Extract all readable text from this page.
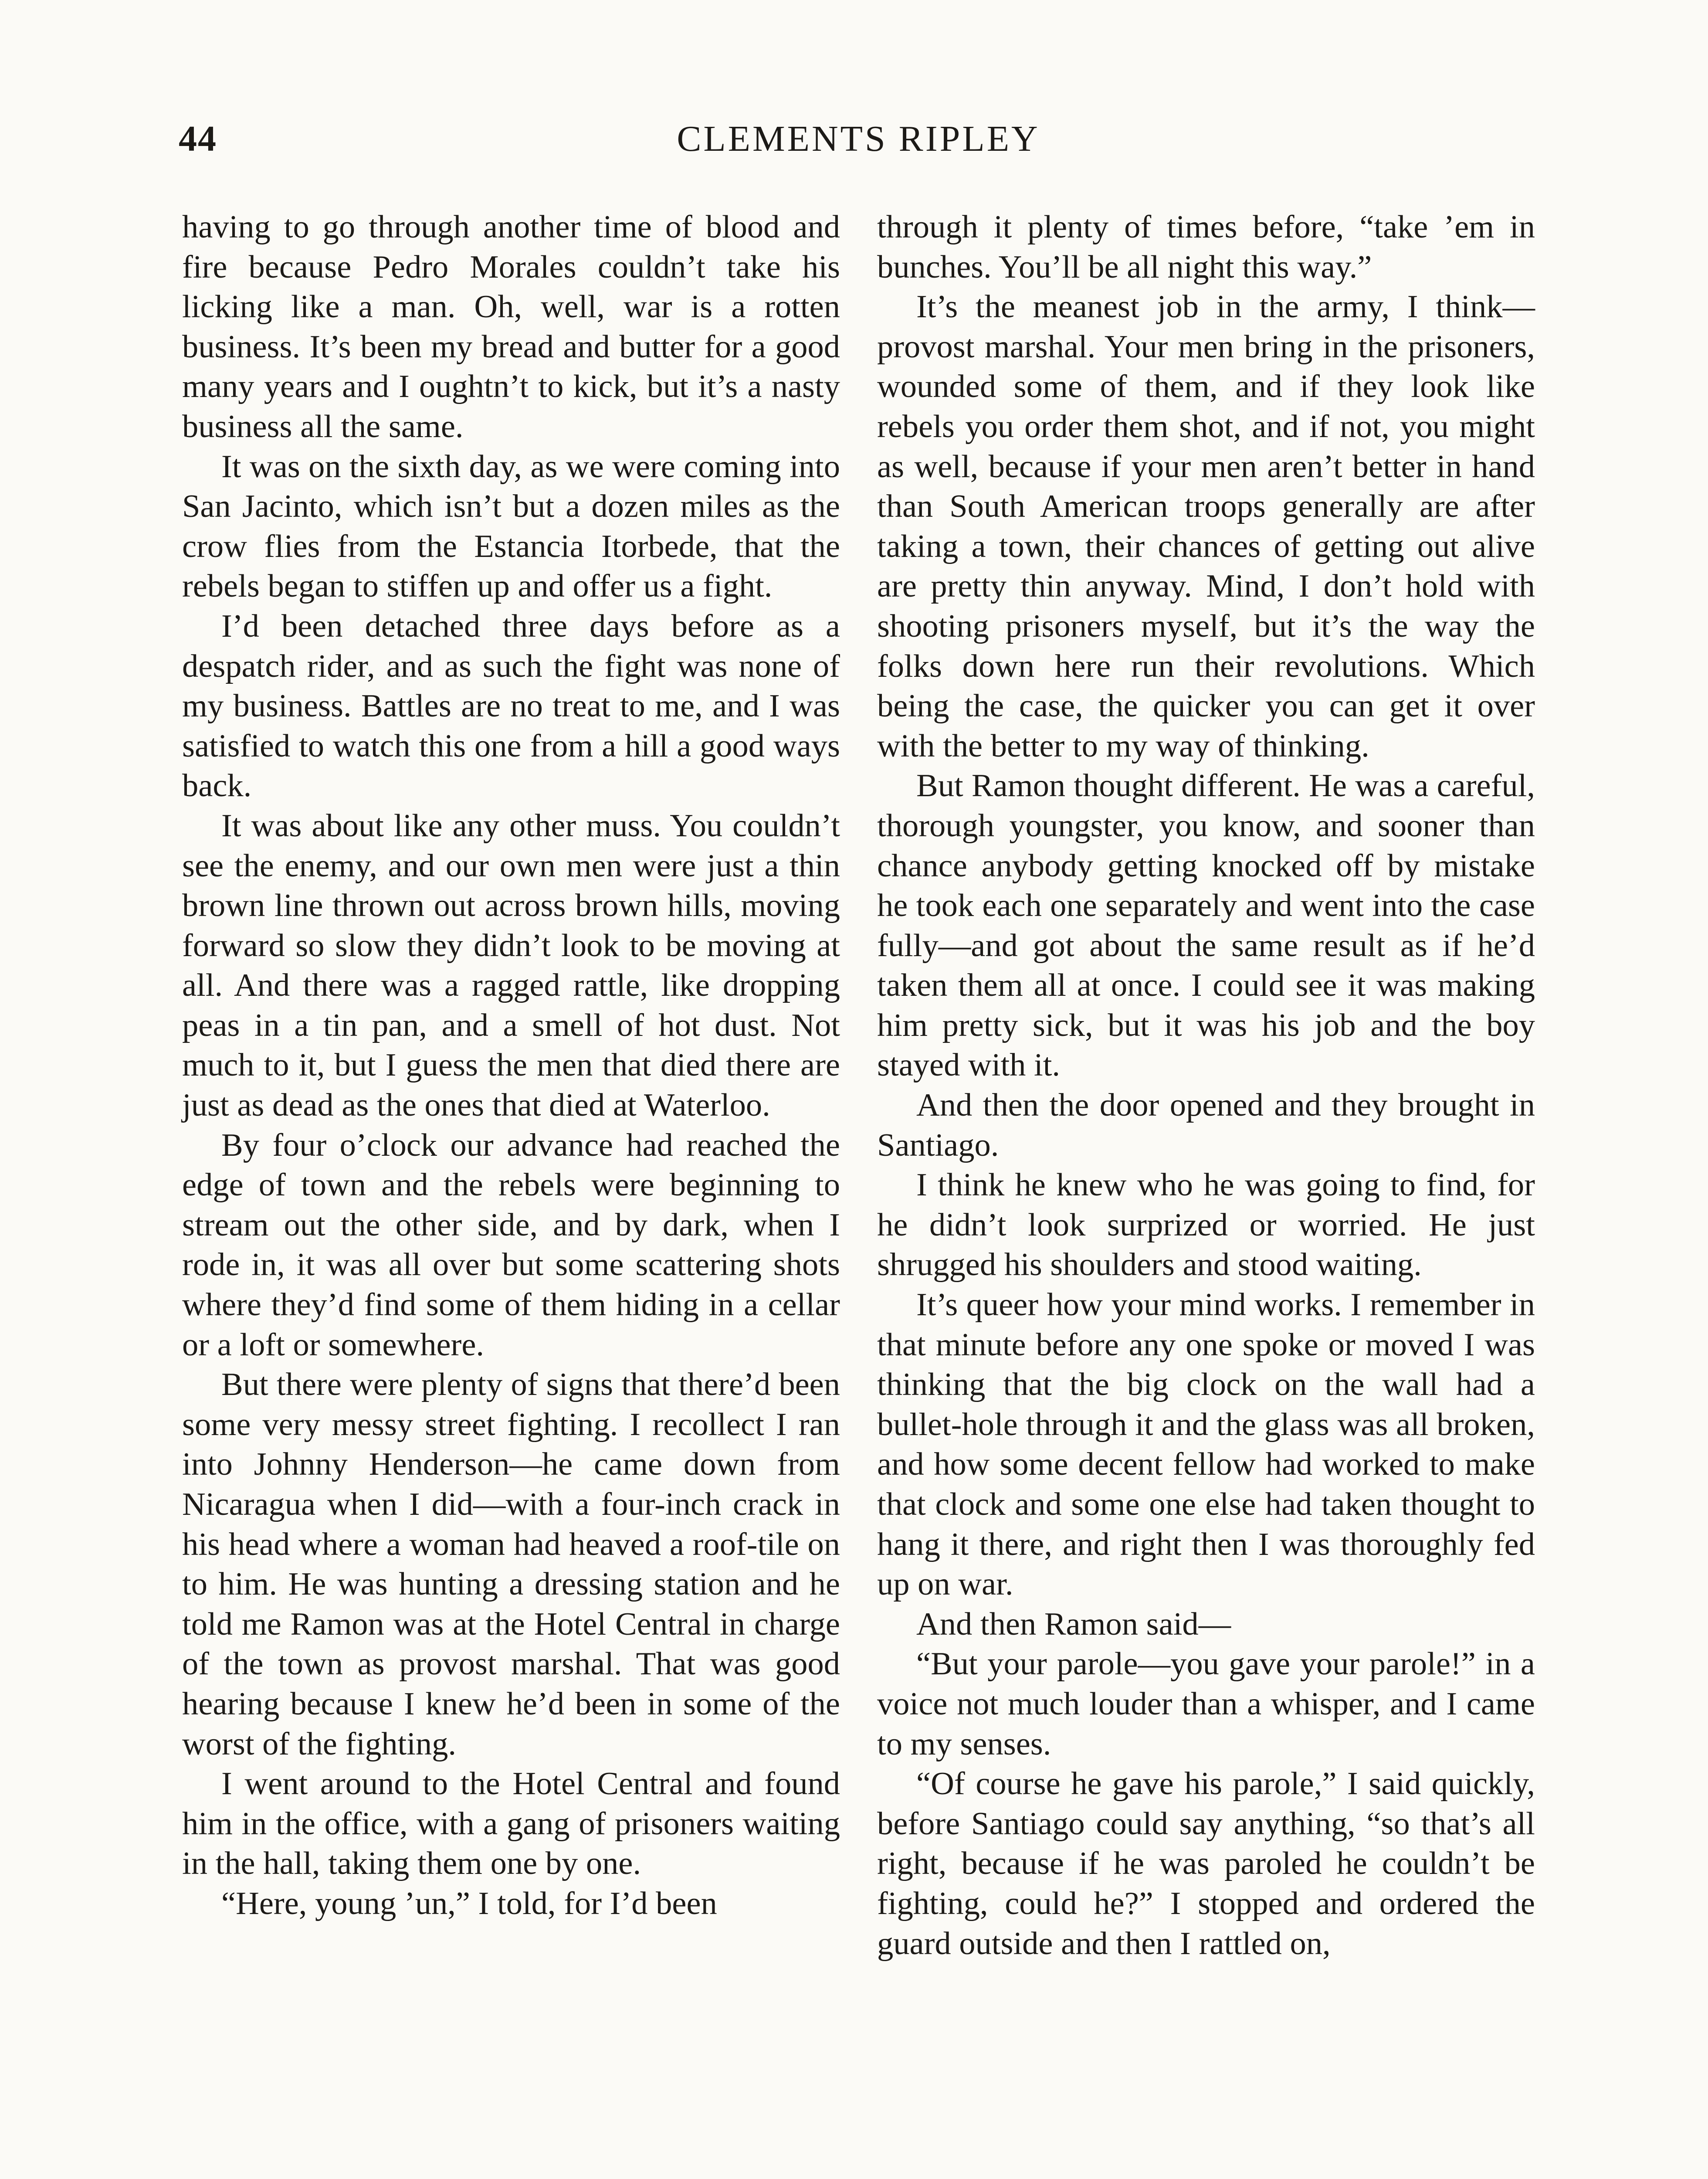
44	CLEMENTS RIPLEY

having to go through another time of blood and fire because Pedro Morales couldn’t take his licking like a man. Oh, well, war is a rotten business. It’s been my bread and butter for a good many years and I oughtn’t to kick, but it’s a nasty business all the same.

It was on the sixth day, as we were coming into San Jacinto, which isn’t but a dozen miles as the crow flies from the Estancia Itorbede, that the rebels began to stiffen up and offer us a fight.

I’d been detached three days before as a despatch rider, and as such the fight was none of my business. Battles are no treat to me, and I was satisfied to watch this one from a hill a good ways back.

It was about like any other muss. You couldn’t see the enemy, and our own men were just a thin brown line thrown out across brown hills, moving forward so slow they didn’t look to be moving at all. And there was a ragged rattle, like dropping peas in a tin pan, and a smell of hot dust. Not much to it, but I guess the men that died there are just as dead as the ones that died at Waterloo.

By four o’clock our advance had reached the edge of town and the rebels were beginning to stream out the other side, and by dark, when I rode in, it was all over but some scattering shots where they’d find some of them hiding in a cellar or a loft or somewhere.

But there were plenty of signs that there’d been some very messy street fighting. I recollect I ran into Johnny Henderson—he came down from Nicaragua when I did—with a four-inch crack in his head where a woman had heaved a roof-tile on to him. He was hunting a dressing station and he told me Ramon was at the Hotel Central in charge of the town as provost marshal. That was good hearing because I knew he’d been in some of the worst of the fighting.

I went around to the Hotel Central and found him in the office, with a gang of prisoners waiting in the hall, taking them one by one.

“Here, young ’un,” I told, for I’d been

through it plenty of times before, “take ’em in bunches. You’ll be all night this way.”

It’s the meanest job in the army, I think—provost marshal. Your men bring in the prisoners, wounded some of them, and if they look like rebels you order them shot, and if not, you might as well, because if your men aren’t better in hand than South American troops generally are after taking a town, their chances of getting out alive are pretty thin anyway. Mind, I don’t hold with shooting prisoners myself, but it’s the way the folks down here run their revolutions. Which being the case, the quicker you can get it over with the better to my way of thinking.

But Ramon thought different. He was a careful, thorough youngster, you know, and sooner than chance anybody getting knocked off by mistake he took each one separately and went into the case fully—and got about the same result as if he’d taken them all at once. I could see it was making him pretty sick, but it was his job and the boy stayed with it.

And then the door opened and they brought in Santiago.

I think he knew who he was going to find, for he didn’t look surprized or worried. He just shrugged his shoulders and stood waiting.

It’s queer how your mind works. I remember in that minute before any one spoke or moved I was thinking that the big clock on the wall had a bullet-hole through it and the glass was all broken, and how some decent fellow had worked to make that clock and some one else had taken thought to hang it there, and right then I was thoroughly fed up on war.

And then Ramon said—

“But your parole—you gave your parole!” in a voice not much louder than a whisper, and I came to my senses.

“Of course he gave his parole,” I said quickly, before Santiago could say anything, “so that’s all right, because if he was paroled he couldn’t be fighting, could he?” I stopped and ordered the guard outside and then I rattled on,
